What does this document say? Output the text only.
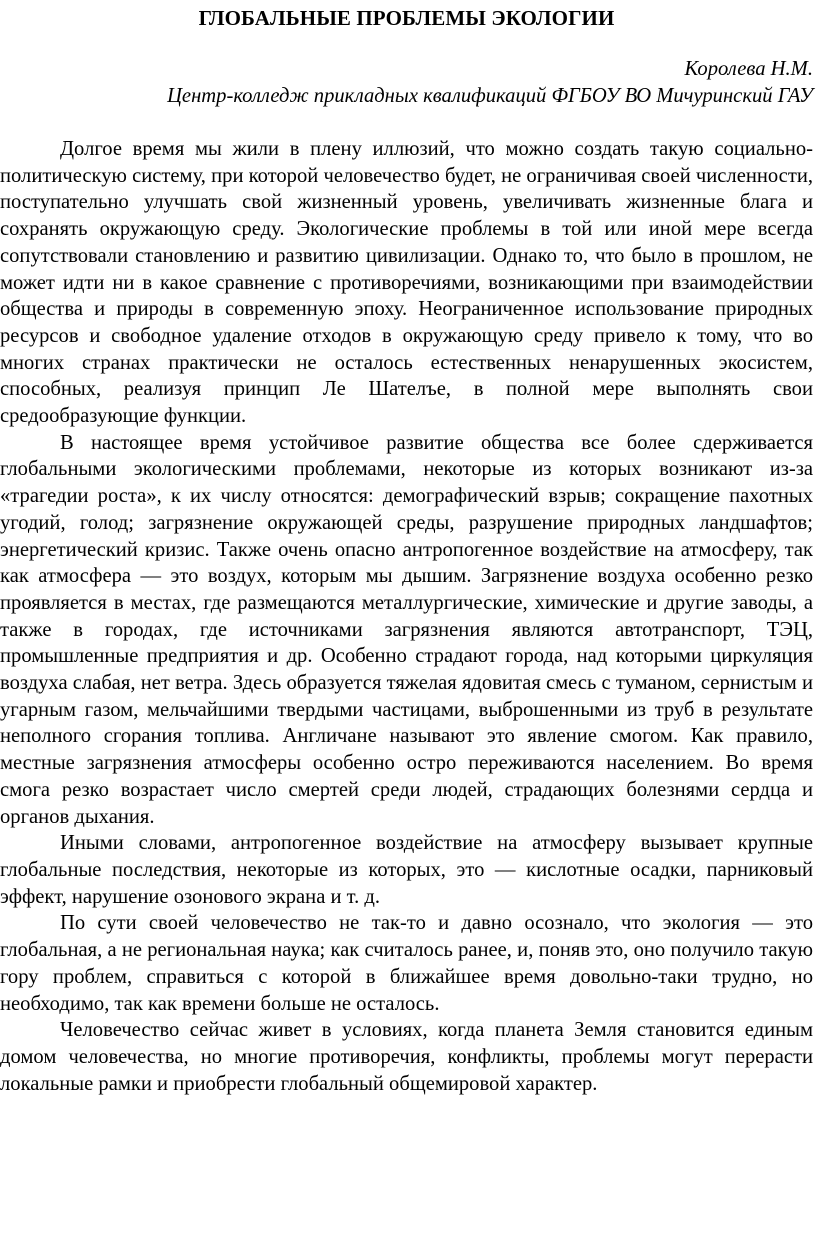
ГЛОБАЛЬНЫЕ ПРОБЛЕМЫ ЭКОЛОГИИ

Королева Н.М.

Центр-колледж прикладных квалификаций ФГБОУ ВО Мичуринский ГАУ

Долгое время мы жили в плену иллюзий, что можно создать такую социально-политическую систему, при которой человечество будет, не ограничивая своей численности, поступательно улучшать свой жизненный уровень, увеличивать жизненные блага и сохранять окружающую среду. Экологические проблемы в той или иной мере всегда сопутствовали становлению и развитию цивилизации. Однако то, что было в прошлом, не может идти ни в какое сравнение с противоречиями, возникающими при взаимодействии общества и природы в современную эпоху. Неограниченное использование природных ресурсов и свободное удаление отходов в окружающую среду привело к тому, что во многих странах практически не осталось естественных ненарушенных экосистем, способных, реализуя принцип Ле Шателъе, в полной мере выполнять свои средообразующие функции.

В настоящее время устойчивое развитие общества все более сдерживается глобальными экологическими проблемами, некоторые из которых возникают из-за «трагедии роста», к их числу относятся: демографический взрыв; сокращение пахотных угодий, голод; загрязнение окружающей среды, разрушение природных ландшафтов; энергетический кризис. Также очень опасно антропогенное воздействие на атмосферу, так как атмосфера — это воздух, которым мы дышим. Загрязнение воздуха особенно резко проявляется в местах, где размещаются металлургические, химические и другие заводы, а также в городах, где источниками загрязнения являются автотранспорт, ТЭЦ, промышленные предприятия и др. Особенно страдают города, над которыми циркуляция воздуха слабая, нет ветра. Здесь образуется тяжелая ядовитая смесь с туманом, сернистым и угарным газом, мельчайшими твердыми частицами, выброшенными из труб в результате неполного сгорания топлива. Англичане называют это явление смогом. Как правило, местные загрязнения атмосферы особенно остро переживаются населением. Во время смога резко возрастает число смертей среди людей, страдающих болезнями сердца и органов дыхания.

Иными словами, антропогенное воздействие на атмосферу вызывает крупные глобальные последствия, некоторые из которых, это — кислотные осадки, парниковый эффект, нарушение озонового экрана и т. д.

По сути своей человечество не так-то и давно осознало, что экология — это глобальная, а не региональная наука; как считалось ранее, и, поняв это, оно получило такую гору проблем, справиться с которой в ближайшее время довольно-таки трудно, но необходимо, так как времени больше не осталось.

Человечество сейчас живет в условиях, когда планета Земля становится единым домом человечества, но многие противоречия, конфликты, проблемы могут перерасти локальные рамки и приобрести глобальный общемировой характер.
